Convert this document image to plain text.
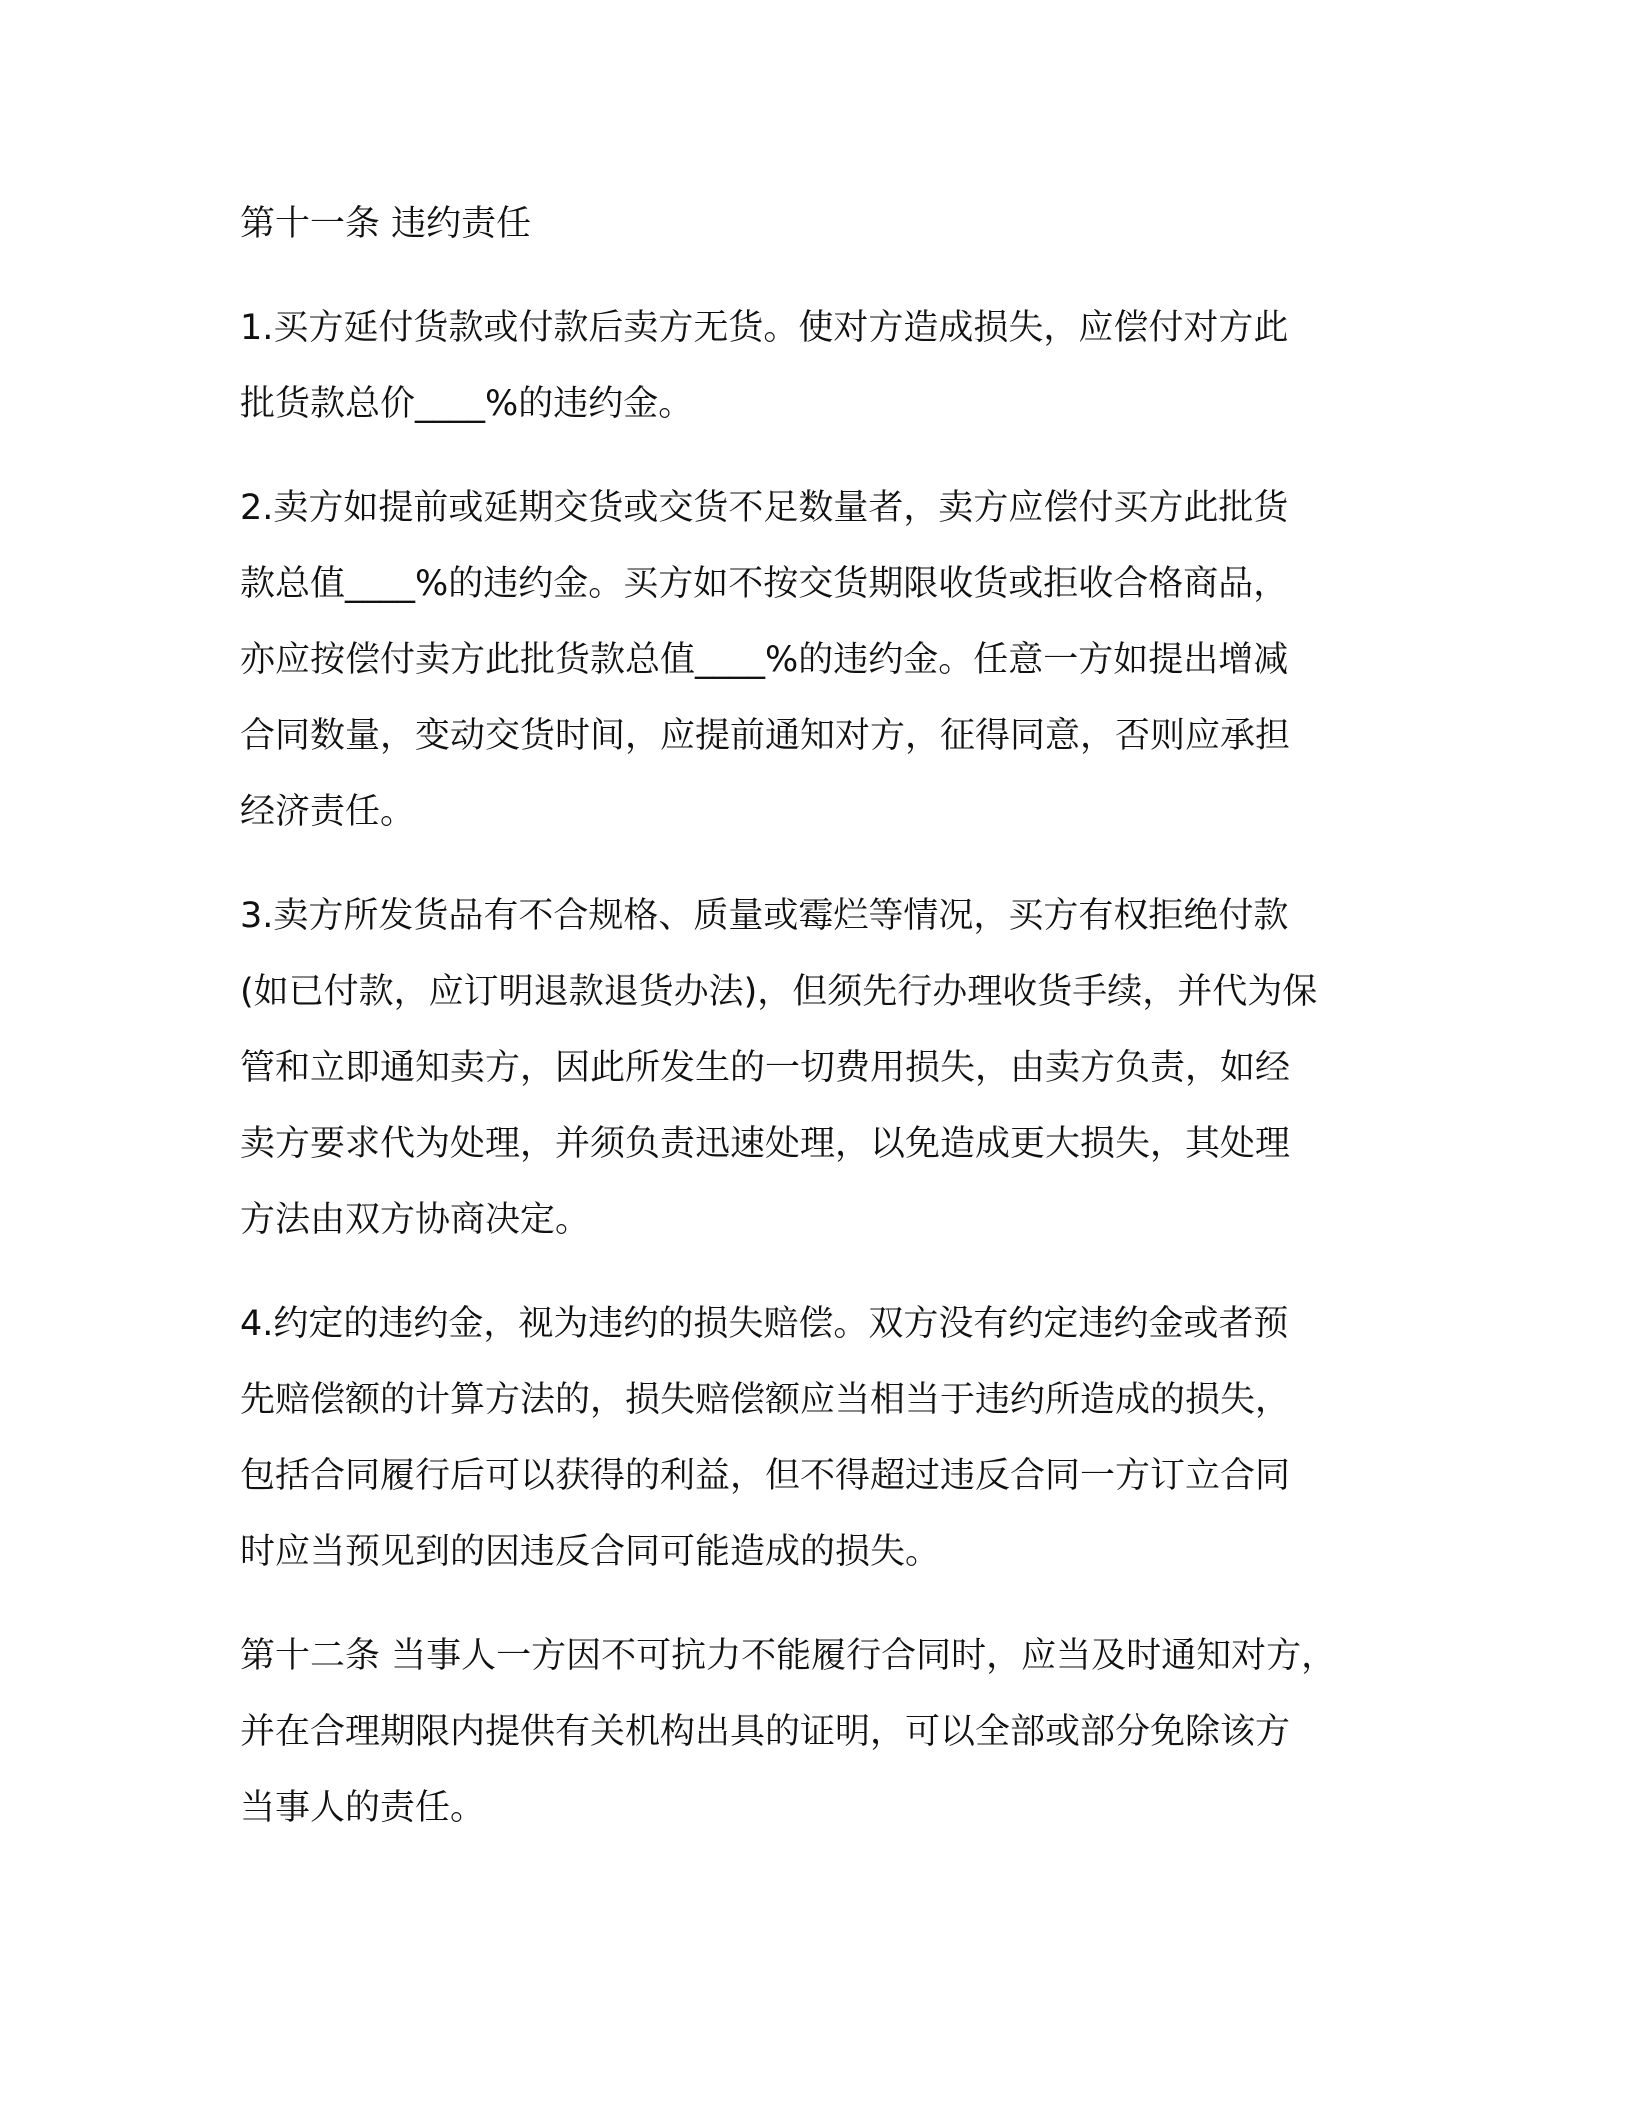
第十一条 违约责任

1.买方延付货款或付款后卖方无货。使对方造成损失，应偿付对方此
批货款总价____%的违约金。

2.卖方如提前或延期交货或交货不足数量者，卖方应偿付买方此批货
款总值____%的违约金。买方如不按交货期限收货或拒收合格商品，
亦应按偿付卖方此批货款总值____%的违约金。任意一方如提出增减
合同数量，变动交货时间，应提前通知对方，征得同意，否则应承担
经济责任。

3.卖方所发货品有不合规格、质量或霉烂等情况，买方有权拒绝付款
(如已付款，应订明退款退货办法)，但须先行办理收货手续，并代为保
管和立即通知卖方，因此所发生的一切费用损失，由卖方负责，如经
卖方要求代为处理，并须负责迅速处理，以免造成更大损失，其处理
方法由双方协商决定。

4.约定的违约金，视为违约的损失赔偿。双方没有约定违约金或者预
先赔偿额的计算方法的，损失赔偿额应当相当于违约所造成的损失，
包括合同履行后可以获得的利益，但不得超过违反合同一方订立合同
时应当预见到的因违反合同可能造成的损失。

第十二条 当事人一方因不可抗力不能履行合同时，应当及时通知对方，
并在合理期限内提供有关机构出具的证明，可以全部或部分免除该方
当事人的责任。
